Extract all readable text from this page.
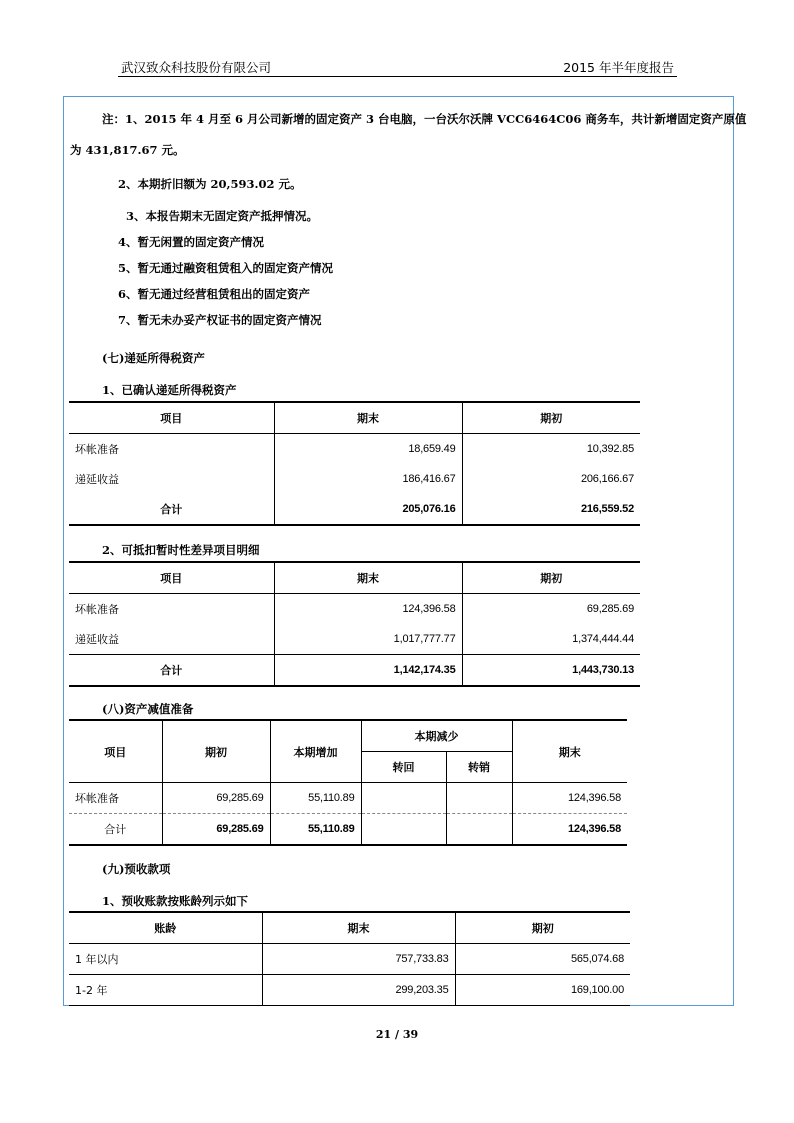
武汉致众科技股份有限公司	2015 年半年度报告
注：1、2015 年 4 月至 6 月公司新增的固定资产 3 台电脑，一台沃尔沃牌 VCC6464C06 商务车，共计新增固定资产原值
为 431,817.67 元。
2、本期折旧额为 20,593.02 元。
3、本报告期末无固定资产抵押情况。
4、暂无闲置的固定资产情况
5、暂无通过融资租赁租入的固定资产情况
6、暂无通过经营租赁租出的固定资产
7、暂无未办妥产权证书的固定资产情况
(七)递延所得税资产
1、已确认递延所得税资产
项目	期末	期初
坏帐准备	18,659.49	10,392.85
递延收益	186,416.67	206,166.67
合计	205,076.16	216,559.52
2、可抵扣暂时性差异项目明细
项目	期末	期初
坏帐准备	124,396.58	69,285.69
递延收益	1,017,777.77	1,374,444.44
合计	1,142,174.35	1,443,730.13
(八)资产减值准备
项目	期初	本期增加	本期减少		期末
			转回	转销	
坏帐准备	69,285.69	55,110.89			124,396.58
合计	69,285.69	55,110.89			124,396.58
(九)预收款项
1、预收账款按账龄列示如下
账龄	期末	期初
1 年以内	757,733.83	565,074.68
1-2 年	299,203.35	169,100.00
21 / 39
